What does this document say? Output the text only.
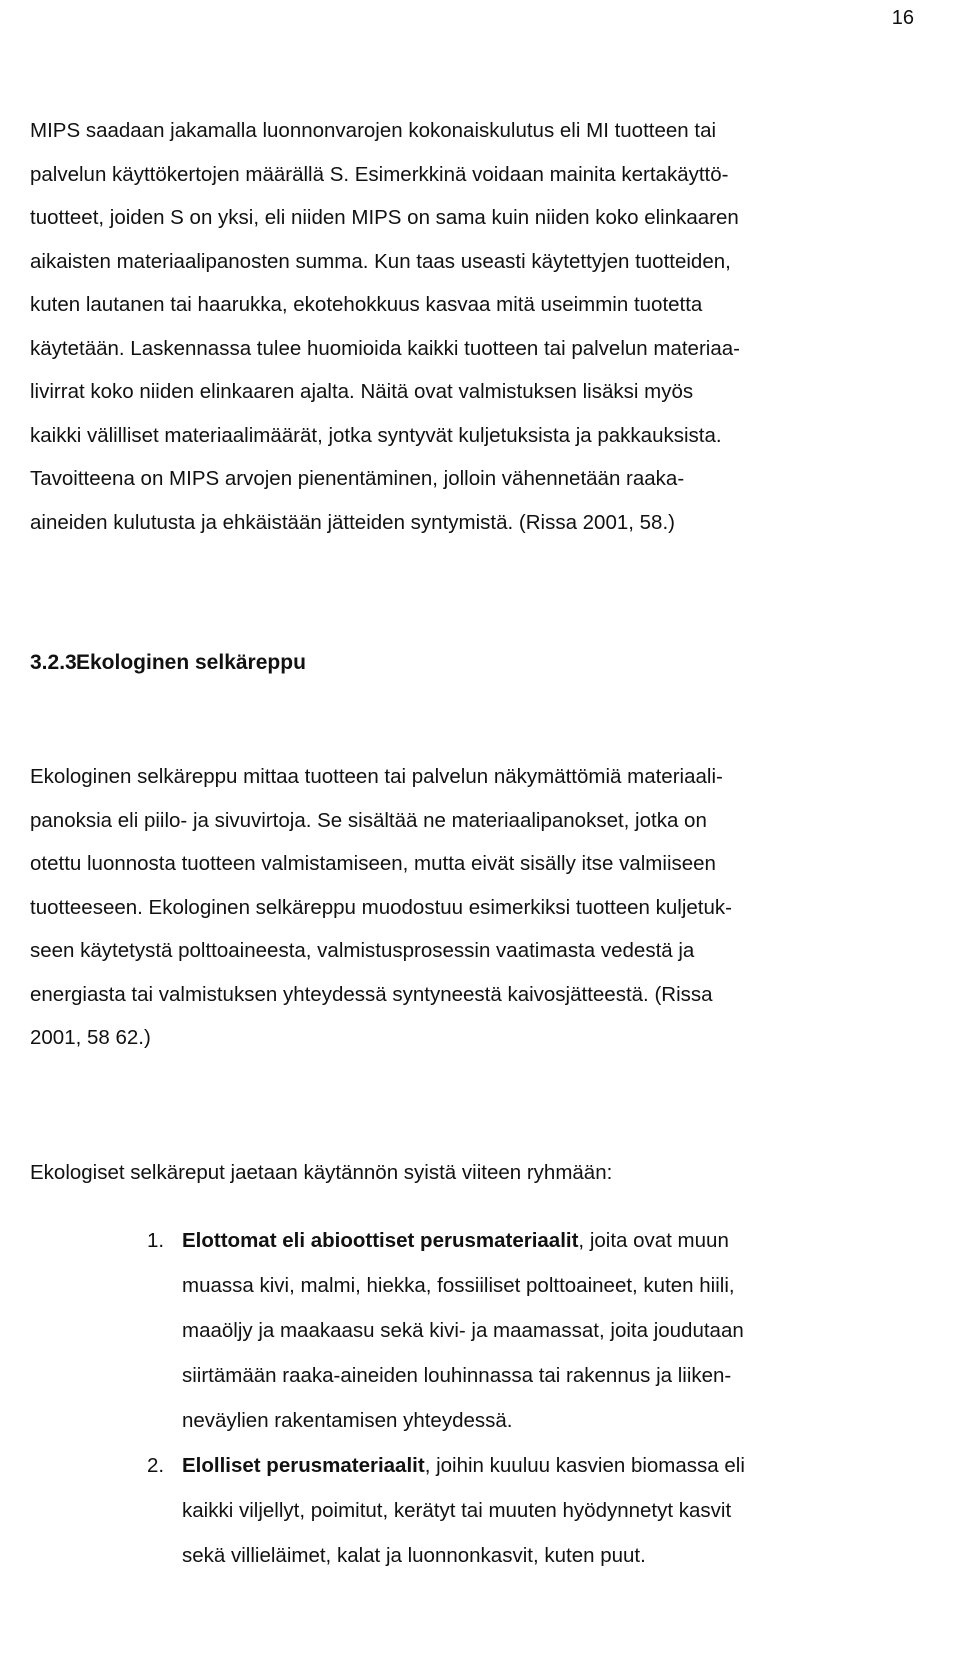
16
MIPS saadaan jakamalla luonnonvarojen kokonaiskulutus eli MI tuotteen tai
palvelun käyttökertojen määrällä S. Esimerkkinä voidaan mainita kertakäyttö-
tuotteet, joiden S on yksi, eli niiden MIPS on sama kuin niiden koko elinkaaren
aikaisten materiaalipanosten summa. Kun taas useasti käytettyjen tuotteiden,
kuten lautanen tai haarukka, ekotehokkuus kasvaa mitä useimmin tuotetta
käytetään. Laskennassa tulee huomioida kaikki tuotteen tai palvelun materiaa-
livirrat koko niiden elinkaaren ajalta. Näitä ovat valmistuksen lisäksi myös
kaikki välilliset materiaalimäärät, jotka syntyvät kuljetuksista ja pakkauksista.
Tavoitteena on MIPS arvojen pienentäminen, jolloin vähennetään raaka-
aineiden kulutusta ja ehkäistään jätteiden syntymistä. (Rissa 2001, 58.)
3.2.3Ekologinen selkäreppu
Ekologinen selkäreppu mittaa tuotteen tai palvelun näkymättömiä materiaali-
panoksia eli piilo- ja sivuvirtoja. Se sisältää ne materiaalipanokset, jotka on
otettu luonnosta tuotteen valmistamiseen, mutta eivät sisälly itse valmiiseen
tuotteeseen. Ekologinen selkäreppu muodostuu esimerkiksi tuotteen kuljetuk-
seen käytetystä polttoaineesta, valmistusprosessin vaatimasta vedestä ja
energiasta tai valmistuksen yhteydessä syntyneestä kaivosjätteestä. (Rissa
2001, 58 62.)
Ekologiset selkäreput jaetaan käytännön syistä viiteen ryhmään:
1. Elottomat eli abioottiset perusmateriaalit, joita ovat muun
muassa kivi, malmi, hiekka, fossiiliset polttoaineet, kuten hiili,
maaöljy ja maakaasu sekä kivi- ja maamassat, joita joudutaan
siirtämään raaka-aineiden louhinnassa tai rakennus ja liiken-
neväylien rakentamisen yhteydessä.
2. Elolliset perusmateriaalit, joihin kuuluu kasvien biomassa eli
kaikki viljellyt, poimitut, kerätyt tai muuten hyödynnetyt kasvit
sekä villieläimet, kalat ja luonnonkasvit, kuten puut.
